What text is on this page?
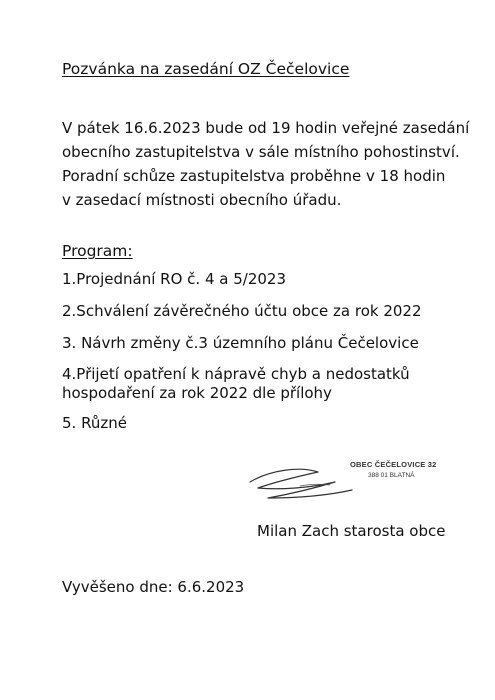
Pozvánka na zasedání OZ Čečelovice
V pátek 16.6.2023 bude od 19 hodin veřejné zasedání
obecního zastupitelstva v sále místního pohostinství.
Poradní schůze zastupitelstva proběhne v 18 hodin
v zasedací místnosti obecního úřadu.
Program:
1.Projednání RO č. 4 a 5/2023
2.Schválení závěrečného účtu obce za rok 2022
3. Návrh změny č.3 územního plánu Čečelovice
4.Přijetí opatření k nápravě chyb a nedostatků
hospodaření za rok 2022 dle přílohy
5. Různé
OBEC ČEČELOVICE 32
388 01 BLATNÁ
Milan Zach starosta obce
Vyvěšeno dne: 6.6.2023
